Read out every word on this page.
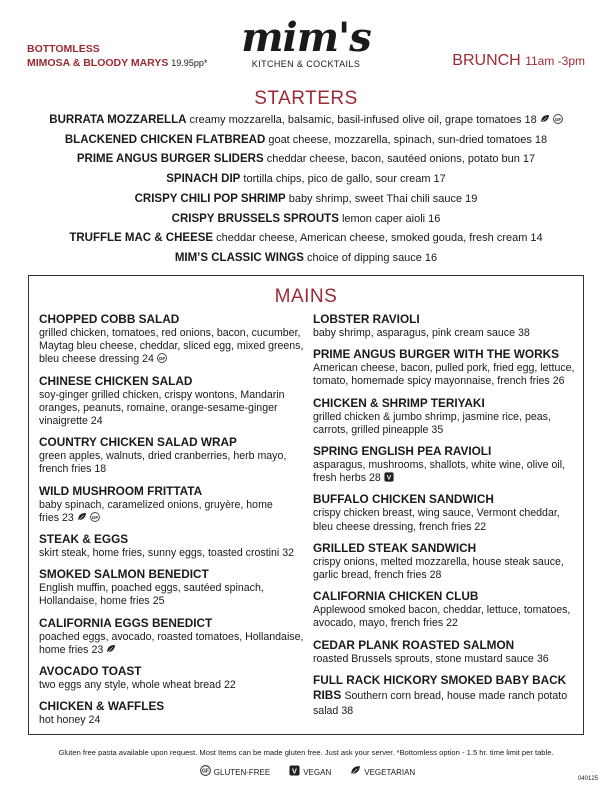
BOTTOMLESS
MIMOSA & BLOODY MARYS 19.95pp*
mim's
KITCHEN & COCKTAILS	BRUNCH 11am -3pm
STARTERS
BURRATA MOZZARELLA creamy mozzarella, balsamic, basil-infused olive oil, grape tomatoes 18	GF
BLACKENED CHICKEN FLATBREAD goat cheese, mozzarella, spinach, sun-dried tomatoes 18
PRIME ANGUS BURGER SLIDERS cheddar cheese, bacon, sautéed onions, potato bun 17
SPINACH DIP tortilla chips, pico de gallo, sour cream 17
CRISPY CHILI POP SHRIMP baby shrimp, sweet Thai chili sauce 19
CRISPY BRUSSELS SPROUTS lemon caper aioli 16
TRUFFLE MAC & CHEESE cheddar cheese, American cheese, smoked gouda, fresh cream 14
MIM’S CLASSIC WINGS choice of dipping sauce 16
MAINS
CHOPPED COBB SALAD
grilled chicken, tomatoes, red onions, bacon, cucumber, Maytag bleu cheese, cheddar, sliced egg, mixed greens, bleu cheese dressing 24 GF
CHINESE CHICKEN SALAD
soy-ginger grilled chicken, crispy wontons, Mandarin oranges, peanuts, romaine, orange-sesame-ginger vinaigrette 24
COUNTRY CHICKEN SALAD WRAP
green apples, walnuts, dried cranberries, herb mayo, french fries 18
WILD MUSHROOM FRITTATA
baby spinach, caramelized onions, gruyère, home fries 23	GF
STEAK & EGGS
skirt steak, home fries, sunny eggs, toasted crostini 32
SMOKED SALMON BENEDICT
English muffin, poached eggs, sautéed spinach, Hollandaise, home fries 25
CALIFORNIA EGGS BENEDICT
poached eggs, avocado, roasted tomatoes, Hollandaise, home fries 23
AVOCADO TOAST
two eggs any style, whole wheat bread 22
CHICKEN & WAFFLES
hot honey 24
LOBSTER RAVIOLI
baby shrimp, asparagus, pink cream sauce 38
PRIME ANGUS BURGER WITH THE WORKS
American cheese, bacon, pulled pork, fried egg, lettuce, tomato, homemade spicy mayonnaise, french fries 26
CHICKEN & SHRIMP TERIYAKI
grilled chicken & jumbo shrimp, jasmine rice, peas, carrots, grilled pineapple 35
SPRING ENGLISH PEA RAVIOLI
asparagus, mushrooms, shallots, white wine, olive oil, fresh herbs 28 V
BUFFALO CHICKEN SANDWICH
crispy chicken breast, wing sauce, Vermont cheddar, bleu cheese dressing, french fries 22
GRILLED STEAK SANDWICH
crispy onions, melted mozzarella, house steak sauce, garlic bread, french fries 28
CALIFORNIA CHICKEN CLUB
Applewood smoked bacon, cheddar, lettuce, tomatoes, avocado, mayo, french fries 22
CEDAR PLANK ROASTED SALMON
roasted Brussels sprouts, stone mustard sauce 36
FULL RACK HICKORY SMOKED BABY BACK RIBS Southern corn bread, house made ranch potato salad 38
Gluten free pasta available upon request. Most Items can be made gluten free. Just ask your server. *Bottomless option - 1.5 hr. time limit per table.
GF GLUTEN-FREE	V VEGAN	VEGETARIAN
040125
